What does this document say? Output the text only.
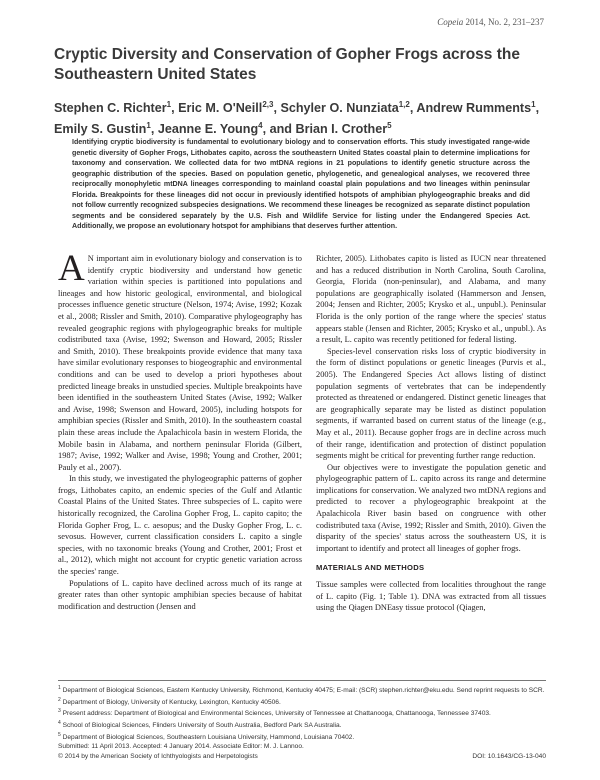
Copeia 2014, No. 2, 231–237
Cryptic Diversity and Conservation of Gopher Frogs across the Southeastern United States
Stephen C. Richter$^1$, Eric M. O'Neill$^{2,3}$, Schyler O. Nunziata$^{1,2}$, Andrew Rumments$^1$, Emily S. Gustin$^1$, Jeanne E. Young$^4$, and Brian I. Crother$^5$
Identifying cryptic biodiversity is fundamental to evolutionary biology and to conservation efforts. This study investigated range-wide genetic diversity of Gopher Frogs, Lithobates capito, across the southeastern United States coastal plain to determine implications for taxonomy and conservation. We collected data for two mtDNA regions in 21 populations to identify genetic structure across the geographic distribution of the species. Based on population genetic, phylogenetic, and genealogical analyses, we recovered three reciprocally monophyletic mtDNA lineages corresponding to mainland coastal plain populations and two lineages within peninsular Florida. Breakpoints for these lineages did not occur in previously identified hotspots of amphibian phylogeographic breaks and did not follow currently recognized subspecies designations. We recommend these lineages be recognized as separate distinct population segments and be considered separately by the U.S. Fish and Wildlife Service for listing under the Endangered Species Act. Additionally, we propose an evolutionary hotspot for amphibians that deserves further attention.

A N important aim in evolutionary biology and conservation is to identify cryptic biodiversity and understand how genetic variation within species is partitioned into populations and lineages and how historic geological, environmental, and biological processes influence genetic structure (Nelson, 1974; Avise, 1992; Kozak et al., 2008; Rissler and Smith, 2010). Comparative phylogeography has revealed geographic regions with phylogeographic breaks for multiple codistributed taxa (Avise, 1992; Swenson and Howard, 2005; Rissler and Smith, 2010). These breakpoints provide evidence that many taxa have similar evolutionary responses to biogeographic and environmental conditions and can be used to develop a priori hypotheses about predicted lineage breaks in unstudied species. Multiple breakpoints have been identified in the southeastern United States (Avise, 1992; Walker and Avise, 1998; Swenson and Howard, 2005), including hotspots for amphibian species (Rissler and Smith, 2010). In the southeastern coastal plain these areas include the Apalachicola basin in western Florida, the Mobile basin in Alabama, and northern peninsular Florida (Gilbert, 1987; Avise, 1992; Walker and Avise, 1998; Young and Crother, 2001; Pauly et al., 2007).

In this study, we investigated the phylogeographic patterns of gopher frogs, Lithobates capito, an endemic species of the Gulf and Atlantic Coastal Plains of the United States. Three subspecies of L. capito were historically recognized, the Carolina Gopher Frog, L. capito capito; the Florida Gopher Frog, L. c. aesopus; and the Dusky Gopher Frog, L. c. sevosus. However, current classification considers L. capito a single species, with no taxonomic breaks (Young and Crother, 2001; Frost et al., 2012), which might not account for cryptic genetic variation across the species' range.

Populations of L. capito have declined across much of its range at greater rates than other syntopic amphibian species because of habitat modification and destruction (Jensen and

Richter, 2005). Lithobates capito is listed as IUCN near threatened and has a reduced distribution in North Carolina, South Carolina, Georgia, Florida (non-peninsular), and Alabama, and many populations are geographically isolated (Hammerson and Jensen, 2004; Jensen and Richter, 2005; Krysko et al., unpubl.). Peninsular Florida is the only portion of the range where the species' status appears stable (Jensen and Richter, 2005; Krysko et al., unpubl.). As a result, L. capito was recently petitioned for federal listing.

Species-level conservation risks loss of cryptic biodiversity in the form of distinct populations or genetic lineages (Purvis et al., 2005). The Endangered Species Act allows listing of distinct population segments of vertebrates that can be independently protected as threatened or endangered. Distinct genetic lineages that are geographically separate may be listed as distinct population segments, if warranted based on current status of the lineage (e.g., May et al., 2011). Because gopher frogs are in decline across much of their range, identification and protection of distinct population segments might be critical for preventing further range reduction.

Our objectives were to investigate the population genetic and phylogeographic pattern of L. capito across its range and determine implications for conservation. We analyzed two mtDNA regions and predicted to recover a phylogeographic breakpoint at the Apalachicola River basin based on congruence with other codistributed taxa (Avise, 1992; Rissler and Smith, 2010). Given the disparity of the species' status across the southeastern US, it is important to identify and protect all lineages of gopher frogs.

MATERIALS AND METHODS

Tissue samples were collected from localities throughout the range of L. capito (Fig. 1; Table 1). DNA was extracted from all tissues using the Qiagen DNEasy tissue protocol (Qiagen,

$^1$ Department of Biological Sciences, Eastern Kentucky University, Richmond, Kentucky 40475; E-mail: (SCR) stephen.richter@eku.edu. Send reprint requests to SCR.
$^2$ Department of Biology, University of Kentucky, Lexington, Kentucky 40506.
$^3$ Present address: Department of Biological and Environmental Sciences, University of Tennessee at Chattanooga, Chattanooga, Tennessee 37403.
$^4$ School of Biological Sciences, Flinders University of South Australia, Bedford Park SA Australia.
$^5$ Department of Biological Sciences, Southeastern Louisiana University, Hammond, Louisiana 70402.
Submitted: 11 April 2013. Accepted: 4 January 2014. Associate Editor: M. J. Lannoo.
© 2014 by the American Society of Ichthyologists and Herpetologists	DOI: 10.1643/CG-13-040
